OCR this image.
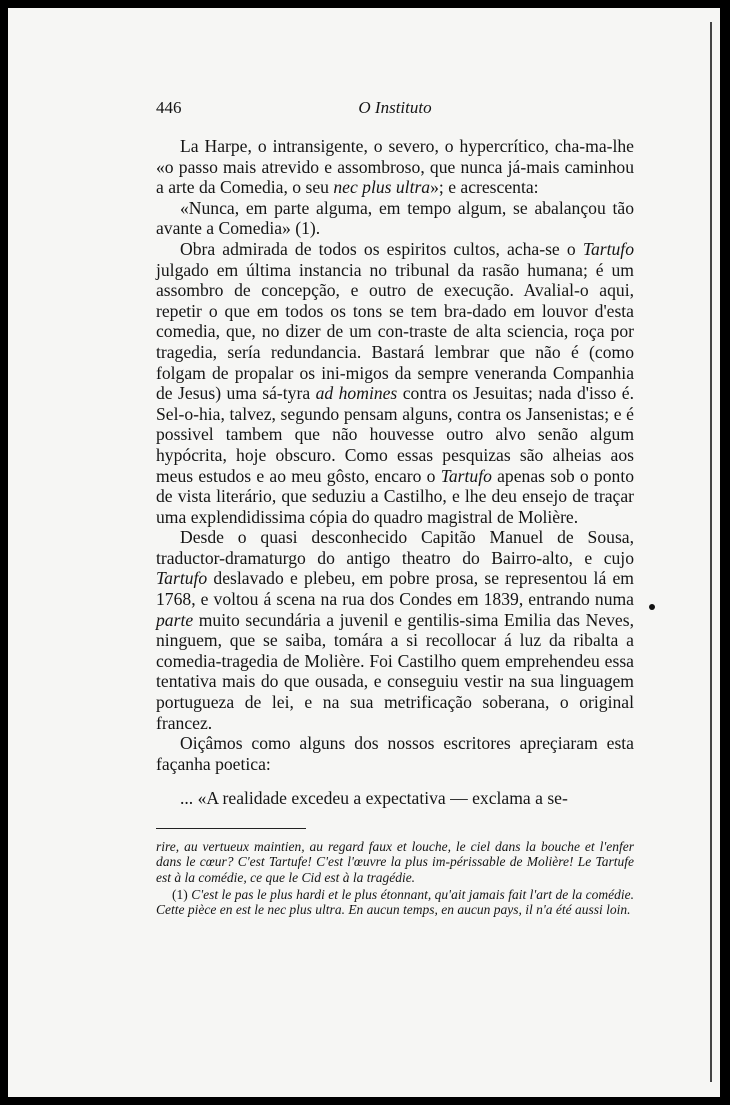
446	O Instituto

La Harpe, o intransigente, o severo, o hypercrítico, cha-ma-lhe «o passo mais atrevido e assombroso, que nunca já-mais caminhou a arte da Comedia, o seu nec plus ultra»; e acrescenta:

«Nunca, em parte alguma, em tempo algum, se abalançou tão avante a Comedia» (1).

Obra admirada de todos os espiritos cultos, acha-se o Tartufo julgado em última instancia no tribunal da rasão humana; é um assombro de concepção, e outro de execução. Avalial-o aqui, repetir o que em todos os tons se tem bra-dado em louvor d'esta comedia, que, no dizer de um con-traste de alta sciencia, roça por tragedia, sería redundancia. Bastará lembrar que não é (como folgam de propalar os ini-migos da sempre veneranda Companhia de Jesus) uma sá-tyra ad homines contra os Jesuitas; nada d'isso é. Sel-o-hia, talvez, segundo pensam alguns, contra os Jansenistas; e é possivel tambem que não houvesse outro alvo senão algum hypócrita, hoje obscuro. Como essas pesquizas são alheias aos meus estudos e ao meu gôsto, encaro o Tartufo apenas sob o ponto de vista literário, que seduziu a Castilho, e lhe deu ensejo de traçar uma explendidissima cópia do quadro magistral de Molière.

Desde o quasi desconhecido Capitão Manuel de Sousa, traductor-dramaturgo do antigo theatro do Bairro-alto, e cujo Tartufo deslavado e plebeu, em pobre prosa, se representou lá em 1768, e voltou á scena na rua dos Condes em 1839, entrando numa parte muito secundária a juvenil e gentilis-sima Emilia das Neves, ninguem, que se saiba, tomára a si recollocar á luz da ribalta a comedia-tragedia de Molière. Foi Castilho quem emprehendeu essa tentativa mais do que ousada, e conseguiu vestir na sua linguagem portugueza de lei, e na sua metrificação soberana, o original francez.

Oiçâmos como alguns dos nossos escritores apreçiaram esta façanha poetica:

... «A realidade excedeu a expectativa — exclama a se-

rire, au vertueux maintien, au regard faux et louche, le ciel dans la bouche et l'enfer dans le cœur? C'est Tartufe! C'est l'œuvre la plus im-périssable de Molière! Le Tartufe est à la comédie, ce que le Cid est à la tragédie.

(1) C'est le pas le plus hardi et le plus étonnant, qu'ait jamais fait l'art de la comédie. Cette pièce en est le nec plus ultra. En aucun temps, en aucun pays, il n'a été aussi loin.
